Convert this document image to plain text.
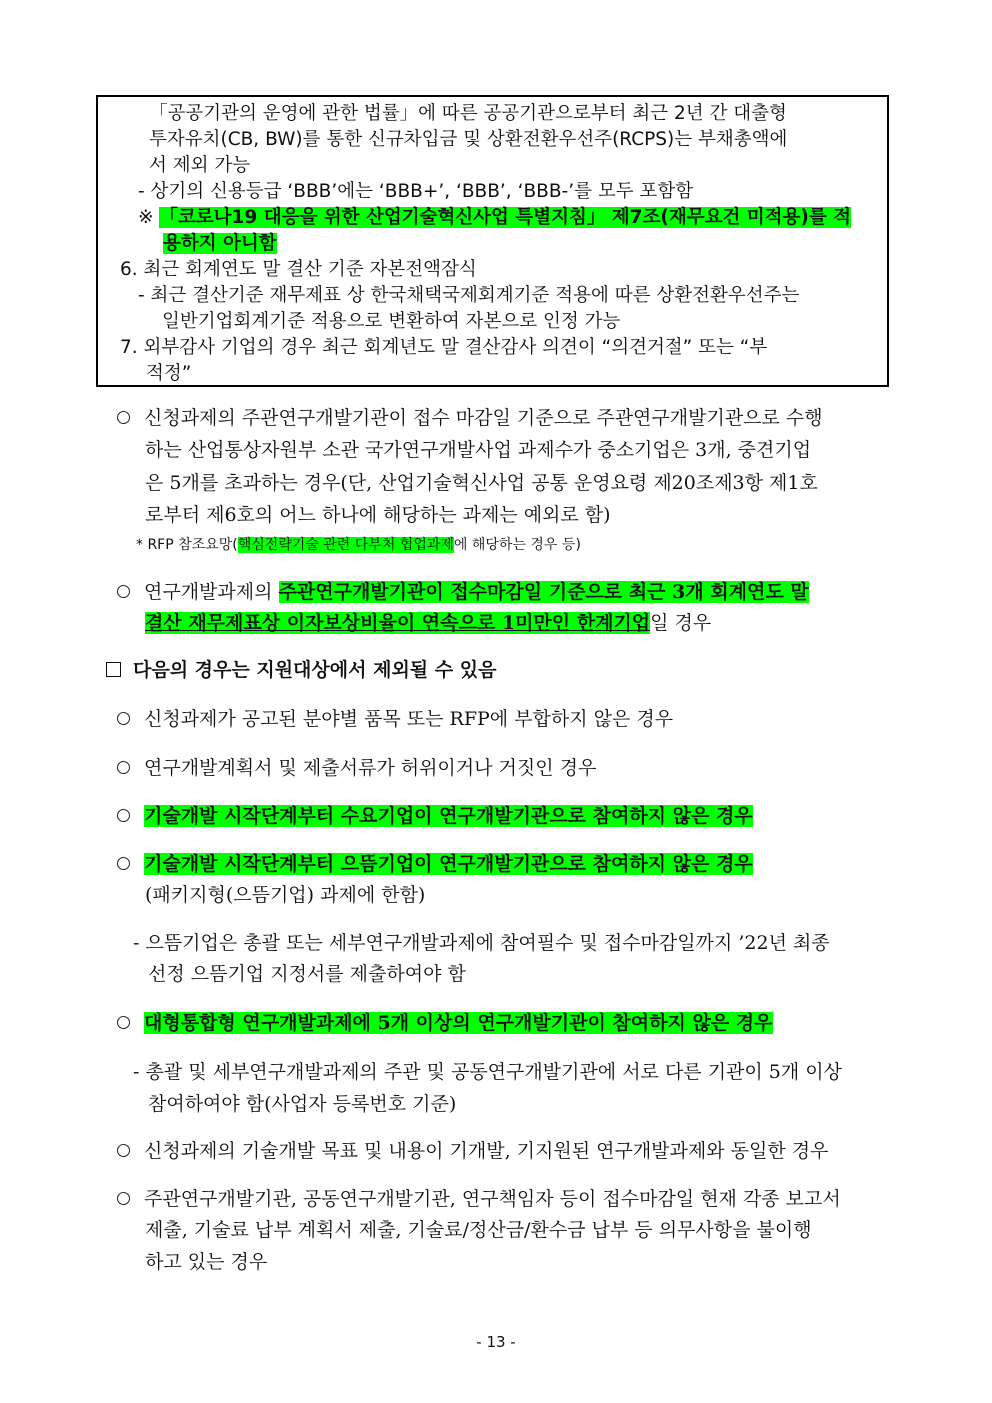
「공공기관의 운영에 관한 법률」에 따른 공공기관으로부터 최근 2년 간 대출형
투자유치(CB, BW)를 통한 신규차입금 및 상환전환우선주(RCPS)는 부채총액에
서 제외 가능
- 상기의 신용등급 ‘BBB’에는 ‘BBB+’, ‘BBB’, ‘BBB-’를 모두 포함함
※ 「코로나19 대응을 위한 산업기술혁신사업 특별지침」 제7조(재무요건 미적용)를 적
용하지 아니함
6. 최근 회계연도 말 결산 기준 자본전액잠식
- 최근 결산기준 재무제표 상 한국채택국제회계기준 적용에 따른 상환전환우선주는
일반기업회계기준 적용으로 변환하여 자본으로 인정 가능
7. 외부감사 기업의 경우 최근 회계년도 말 결산감사 의견이 “의견거절” 또는 “부
적정”
신청과제의 주관연구개발기관이 접수 마감일 기준으로 주관연구개발기관으로 수행
하는 산업통상자원부 소관 국가연구개발사업 과제수가 중소기업은 3개, 중견기업
은 5개를 초과하는 경우(단, 산업기술혁신사업 공통 운영요령 제20조제3항 제1호
로부터 제6호의 어느 하나에 해당하는 과제는 예외로 함)
* RFP 참조요망(핵심전략기술 관련 다부처 협업과제에 해당하는 경우 등)
연구개발과제의 주관연구개발기관이 접수마감일 기준으로 최근 3개 회계연도 말
결산 재무제표상 이자보상비율이 연속으로 1미만인 한계기업일 경우
다음의 경우는 지원대상에서 제외될 수 있음
신청과제가 공고된 분야별 품목 또는 RFP에 부합하지 않은 경우
연구개발계획서 및 제출서류가 허위이거나 거짓인 경우
기술개발 시작단계부터 수요기업이 연구개발기관으로 참여하지 않은 경우
기술개발 시작단계부터 으뜸기업이 연구개발기관으로 참여하지 않은 경우
(패키지형(으뜸기업) 과제에 한함)
- 으뜸기업은 총괄 또는 세부연구개발과제에 참여필수 및 접수마감일까지 ’22년 최종
선정 으뜸기업 지정서를 제출하여야 함
대형통합형 연구개발과제에 5개 이상의 연구개발기관이 참여하지 않은 경우
- 총괄 및 세부연구개발과제의 주관 및 공동연구개발기관에 서로 다른 기관이 5개 이상
참여하여야 함(사업자 등록번호 기준)
신청과제의 기술개발 목표 및 내용이 기개발, 기지원된 연구개발과제와 동일한 경우
주관연구개발기관, 공동연구개발기관, 연구책임자 등이 접수마감일 현재 각종 보고서
제출, 기술료 납부 계획서 제출, 기술료/정산금/환수금 납부 등 의무사항을 불이행
하고 있는 경우
- 13 -
